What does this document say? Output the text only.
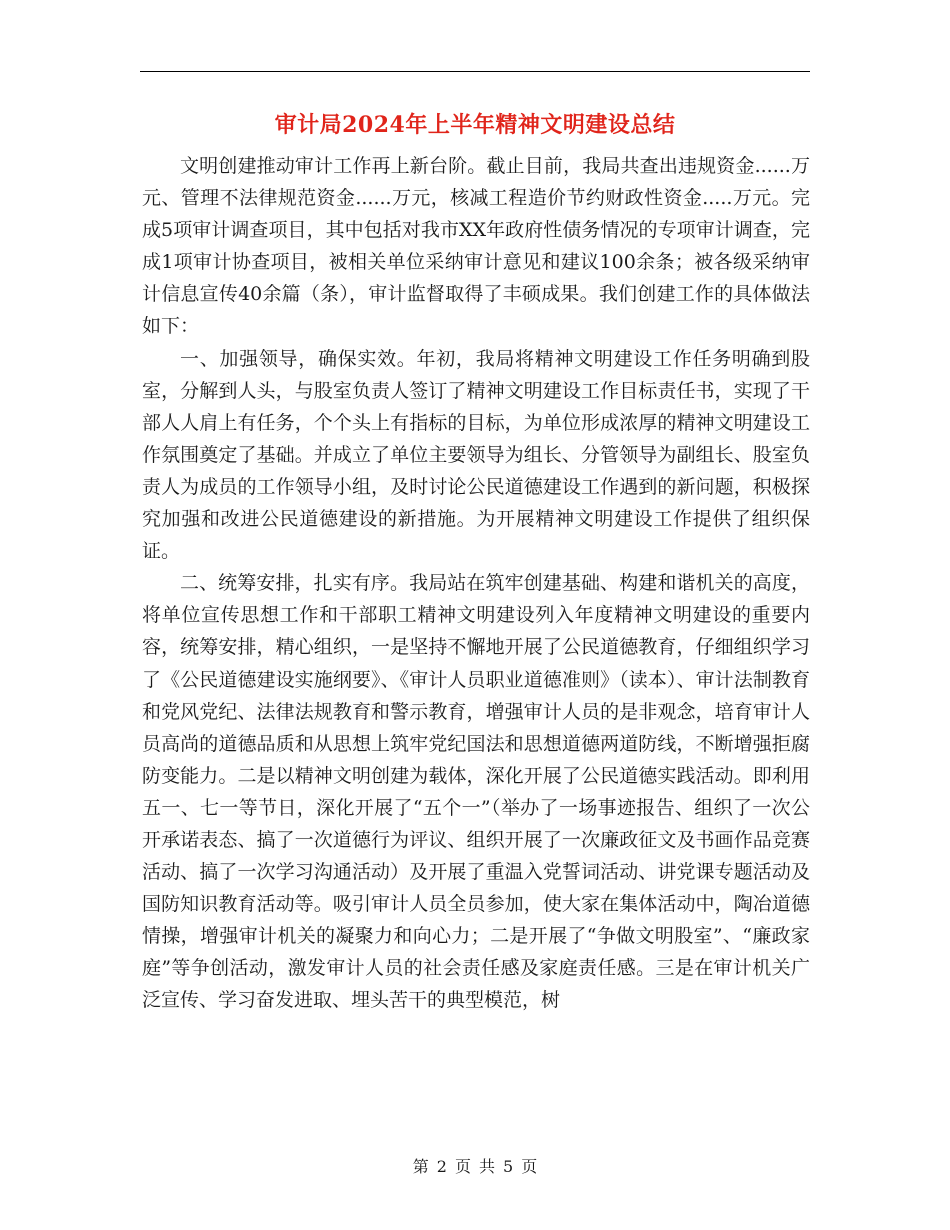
审计局2024年上半年精神文明建设总结

文明创建推动审计工作再上新台阶。截止目前，我局共查出违规资金......万元、管理不法律规范资金......万元，核减工程造价节约财政性资金.....万元。完成5项审计调查项目，其中包括对我市XX年政府性债务情况的专项审计调查，完成1项审计协查项目，被相关单位采纳审计意见和建议100余条；被各级采纳审计信息宣传40余篇（条），审计监督取得了丰硕成果。我们创建工作的具体做法如下：

一、加强领导，确保实效。年初，我局将精神文明建设工作任务明确到股室，分解到人头，与股室负责人签订了精神文明建设工作目标责任书，实现了干部人人肩上有任务，个个头上有指标的目标，为单位形成浓厚的精神文明建设工作氛围奠定了基础。并成立了单位主要领导为组长、分管领导为副组长、股室负责人为成员的工作领导小组，及时讨论公民道德建设工作遇到的新问题，积极探究加强和改进公民道德建设的新措施。为开展精神文明建设工作提供了组织保证。

二、统筹安排，扎实有序。我局站在筑牢创建基础、构建和谐机关的高度，将单位宣传思想工作和干部职工精神文明建设列入年度精神文明建设的重要内容，统筹安排，精心组织，一是坚持不懈地开展了公民道德教育，仔细组织学习了《公民道德建设实施纲要》、《审计人员职业道德准则》（读本）、审计法制教育和党风党纪、法律法规教育和警示教育，增强审计人员的是非观念，培育审计人员高尚的道德品质和从思想上筑牢党纪国法和思想道德两道防线，不断增强拒腐防变能力。二是以精神文明创建为载体，深化开展了公民道德实践活动。即利用五一、七一等节日，深化开展了“五个一”（举办了一场事迹报告、组织了一次公开承诺表态、搞了一次道德行为评议、组织开展了一次廉政征文及书画作品竞赛活动、搞了一次学习沟通活动）及开展了重温入党誓词活动、讲党课专题活动及国防知识教育活动等。吸引审计人员全员参加，使大家在集体活动中，陶冶道德情操，增强审计机关的凝聚力和向心力；二是开展了“争做文明股室”、“廉政家庭”等争创活动，激发审计人员的社会责任感及家庭责任感。三是在审计机关广泛宣传、学习奋发进取、埋头苦干的典型模范，树

第 2 页 共 5 页
